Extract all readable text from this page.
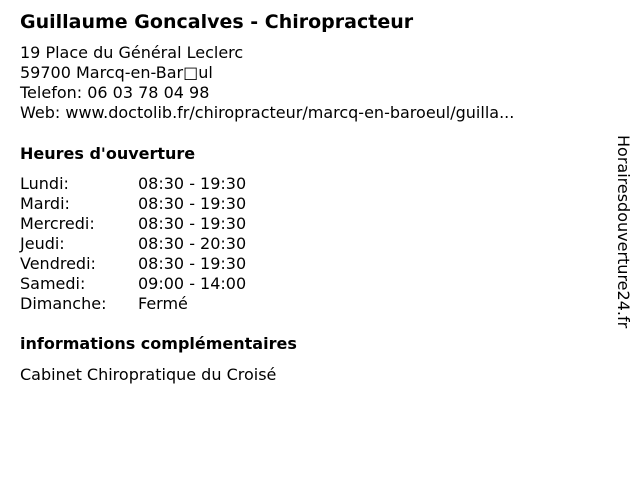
Guillaume Goncalves - Chiropracteur
19 Place du Général Leclerc
59700 Marcq-en-Bar□ul
Telefon: 06 03 78 04 98
Web: www.doctolib.fr/chiropracteur/marcq-en-baroeul/guilla...
Heures d'ouverture
Lundi:	08:30 - 19:30
Mardi:	08:30 - 19:30
Mercredi:	08:30 - 19:30
Jeudi:	08:30 - 20:30
Vendredi:	08:30 - 19:30
Samedi:	09:00 - 14:00
Dimanche:	Fermé
informations complémentaires
Cabinet Chiropratique du Croisé
Horairesdouverture24.fr
